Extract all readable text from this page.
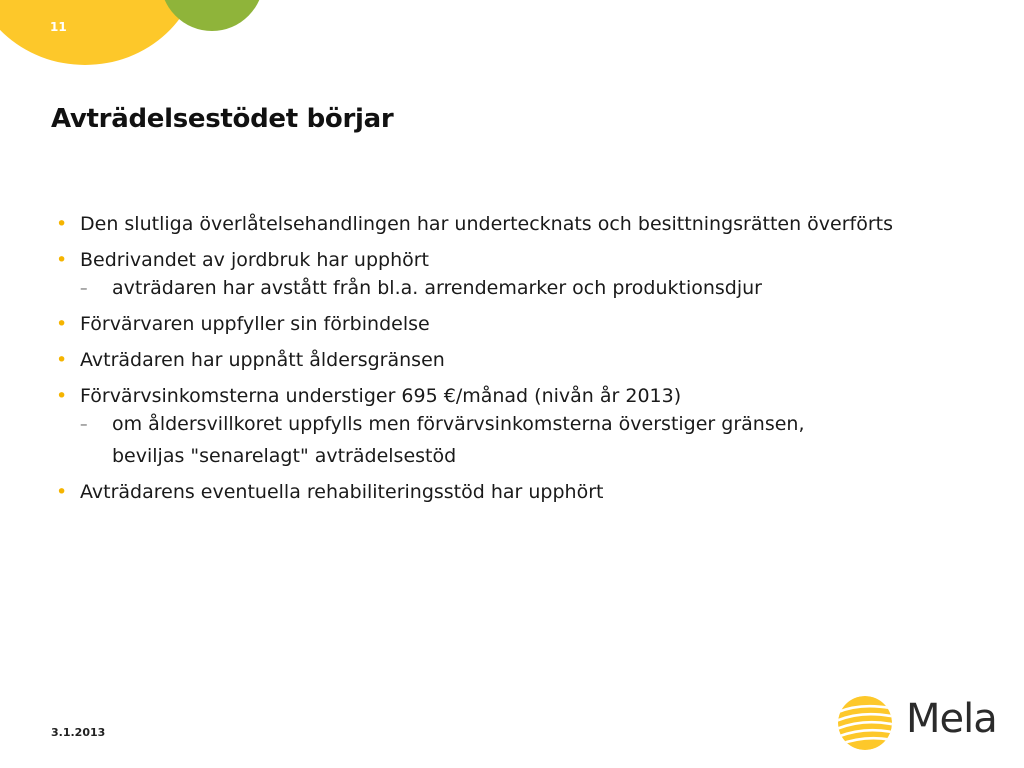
11
Avträdelsestödet börjar
• Den slutliga överlåtelsehandlingen har undertecknats och besittningsrätten överförts
• Bedrivandet av jordbruk har upphört
– avträdaren har avstått från bl.a. arrendemarker och produktionsdjur
• Förvärvaren uppfyller sin förbindelse
• Avträdaren har uppnått åldersgränsen
• Förvärvsinkomsterna understiger 695 €/månad (nivån år 2013)
– om åldersvillkoret uppfylls men förvärvsinkomsterna överstiger gränsen, beviljas "senarelagt" avträdelsestöd
• Avträdarens eventuella rehabiliteringsstöd har upphört
3.1.2013	Mela
